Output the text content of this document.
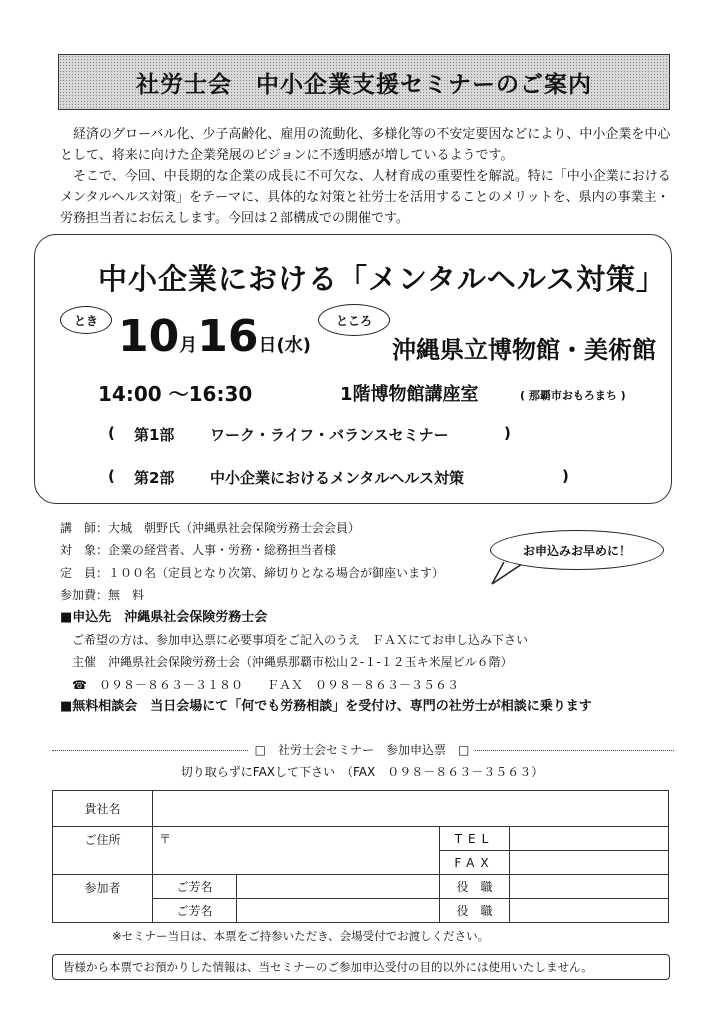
社労士会　中小企業支援セミナーのご案内

経済のグローバル化、少子高齢化、雇用の流動化、多様化等の不安定要因などにより、中小企業を中心として、将来に向けた企業発展のビジョンに不透明感が増しているようです。

そこで、今回、中長期的な企業の成長に不可欠な、人材育成の重要性を解説。特に「中小企業におけるメンタルヘルス対策」をテーマに、具体的な対策と社労士を活用することのメリットを、県内の事業主・労務担当者にお伝えします。今回は２部構成での開催です。

中小企業における「メンタルヘルス対策」
とき 10月16日(水)
ところ
沖縄県立博物館・美術館
14:00 ～16:30	1階博物館講座室	( 那覇市おもろまち )
( 第1部 ワーク・ライフ・バランスセミナー	)
( 第2部 中小企業におけるメンタルヘルス対策	)
講　師：大城　朝野氏（沖縄県社会保険労務士会会員）
対　象：企業の経営者、人事・労務・総務担当者様
定　員：１００名（定員となり次第、締切りとなる場合が御座います）
参加費：無　料
■申込先　沖縄県社会保険労務士会
ご希望の方は、参加申込票に必要事項をご記入のうえ　ＦＡＸにてお申し込み下さい
主催　沖縄県社会保険労務士会（沖縄県那覇市松山２-１-１２玉キ米屋ビル６階）
☎　０９８－８６３－３１８０　　ＦＡＸ　０９８－８６３－３５６３
■無料相談会　当日会場にて「何でも労務相談」を受付け、専門の社労士が相談に乗ります
お申込みお早めに！
□　社労士会セミナー　参加申込票　□
切り取らずにFAXして下さい　（FAX　０９８－８６３－３５６３）
貴社名				
ご住所	〒		TEL	
			FAX	
参加者	ご芳名		役　職	
	ご芳名		役　職	
※セミナー当日は、本票をご持参いただき、会場受付でお渡しください。
皆様から本票でお預かりした情報は、当セミナーのご参加申込受付の目的以外には使用いたしません。
